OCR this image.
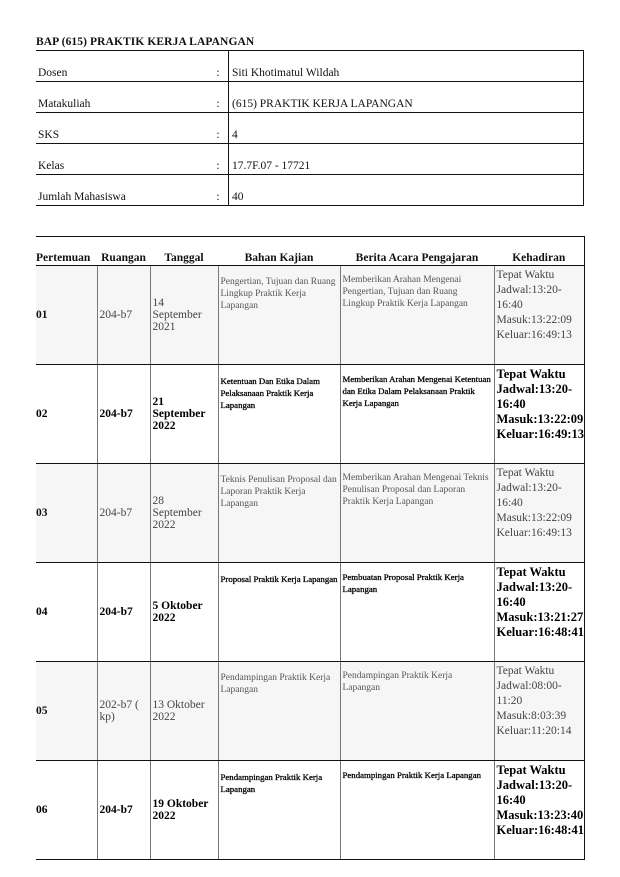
BAP (615) PRAKTIK KERJA LAPANGAN
Dosen	:	Siti Khotimatul Wildah
Matakuliah	:	(615) PRAKTIK KERJA LAPANGAN
SKS	:	4
Kelas	:	17.7F.07 - 17721
Jumlah Mahasiswa	:	40
Pertemuan	Ruangan	Tanggal	Bahan Kajian	Berita Acara Pengajaran	Kehadiran
01	204-b7	14 September 2021	Pengertian, Tujuan dan Ruang Lingkup Praktik Kerja Lapangan	Memberikan Arahan Mengenai Pengertian, Tujuan dan Ruang Lingkup Praktik Kerja Lapangan	Tepat Waktu
Jadwal:13:20-16:40
Masuk:13:22:09
Keluar:16:49:13

02	204-b7	21 September 2022	Ketentuan Dan Etika Dalam Pelaksanaan Praktik Kerja Lapangan	Memberikan Arahan Mengenai Ketentuan dan Etika Dalam Pelaksanaan Praktik Kerja Lapangan	Tepat Waktu
Jadwal:13:20-16:40
Masuk:13:22:09
Keluar:16:49:13

03	204-b7	28 September 2022	Teknis Penulisan Proposal dan Laporan Praktik Kerja Lapangan	Memberikan Arahan Mengenai Teknis Penulisan Proposal dan Laporan Praktik Kerja Lapangan	Tepat Waktu
Jadwal:13:20-16:40
Masuk:13:22:09
Keluar:16:49:13

04	204-b7	5 Oktober 2022	Proposal Praktik Kerja Lapangan	Pembuatan Proposal Praktik Kerja Lapangan	Tepat Waktu
Jadwal:13:20-16:40
Masuk:13:21:27
Keluar:16:48:41

05	202-b7 ( kp)	13 Oktober 2022	Pendampingan Praktik Kerja Lapangan	Pendampingan Praktik Kerja Lapangan	Tepat Waktu
Jadwal:08:00-11:20
Masuk:8:03:39
Keluar:11:20:14

06	204-b7	19 Oktober 2022	Pendampingan Praktik Kerja Lapangan	Pendampingan Praktik Kerja Lapangan	Tepat Waktu
Jadwal:13:20-16:40
Masuk:13:23:40
Keluar:16:48:41
